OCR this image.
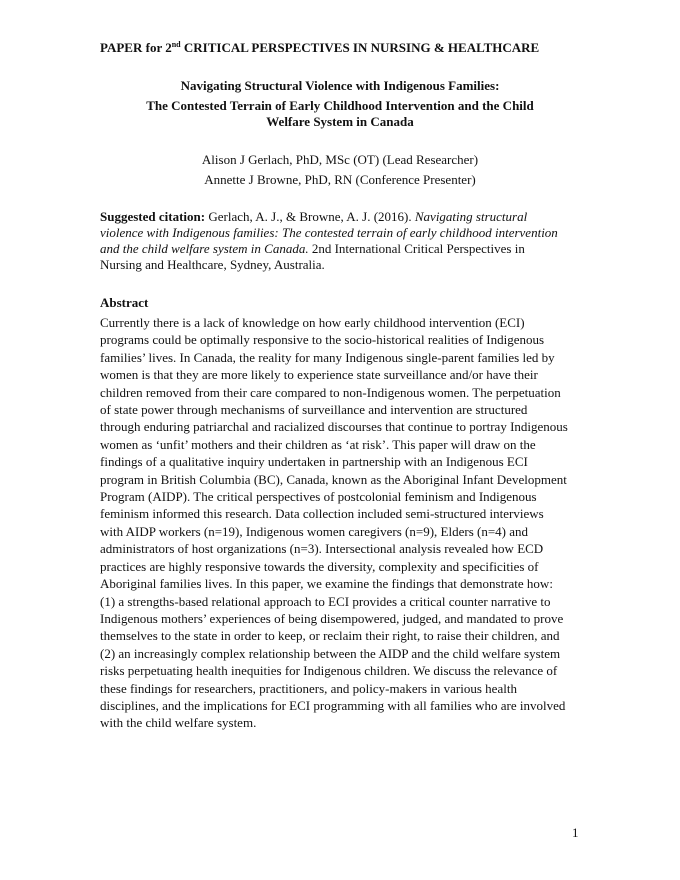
PAPER for 2nd CRITICAL PERSPECTIVES IN NURSING & HEALTHCARE
Navigating Structural Violence with Indigenous Families:
The Contested Terrain of Early Childhood Intervention and the Child Welfare System in Canada
Alison J Gerlach, PhD, MSc (OT) (Lead Researcher)
Annette J Browne, PhD, RN (Conference Presenter)
Suggested citation: Gerlach, A. J., & Browne, A. J. (2016). Navigating structural violence with Indigenous families: The contested terrain of early childhood intervention and the child welfare system in Canada. 2nd International Critical Perspectives in Nursing and Healthcare, Sydney, Australia.
Abstract
Currently there is a lack of knowledge on how early childhood intervention (ECI)
programs could be optimally responsive to the socio-historical realities of Indigenous
families’ lives. In Canada, the reality for many Indigenous single-parent families led by
women is that they are more likely to experience state surveillance and/or have their
children removed from their care compared to non-Indigenous women. The perpetuation
of state power through mechanisms of surveillance and intervention are structured
through enduring patriarchal and racialized discourses that continue to portray Indigenous
women as ‘unfit’ mothers and their children as ‘at risk’. This paper will draw on the
findings of a qualitative inquiry undertaken in partnership with an Indigenous ECI
program in British Columbia (BC), Canada, known as the Aboriginal Infant Development
Program (AIDP). The critical perspectives of postcolonial feminism and Indigenous
feminism informed this research. Data collection included semi-structured interviews
with AIDP workers (n=19), Indigenous women caregivers (n=9), Elders (n=4) and
administrators of host organizations (n=3). Intersectional analysis revealed how ECD
practices are highly responsive towards the diversity, complexity and specificities of
Aboriginal families lives. In this paper, we examine the findings that demonstrate how:
(1) a strengths-based relational approach to ECI provides a critical counter narrative to
Indigenous mothers’ experiences of being disempowered, judged, and mandated to prove
themselves to the state in order to keep, or reclaim their right, to raise their children, and
(2) an increasingly complex relationship between the AIDP and the child welfare system
risks perpetuating health inequities for Indigenous children. We discuss the relevance of
these findings for researchers, practitioners, and policy-makers in various health
disciplines, and the implications for ECI programming with all families who are involved
with the child welfare system.
1
